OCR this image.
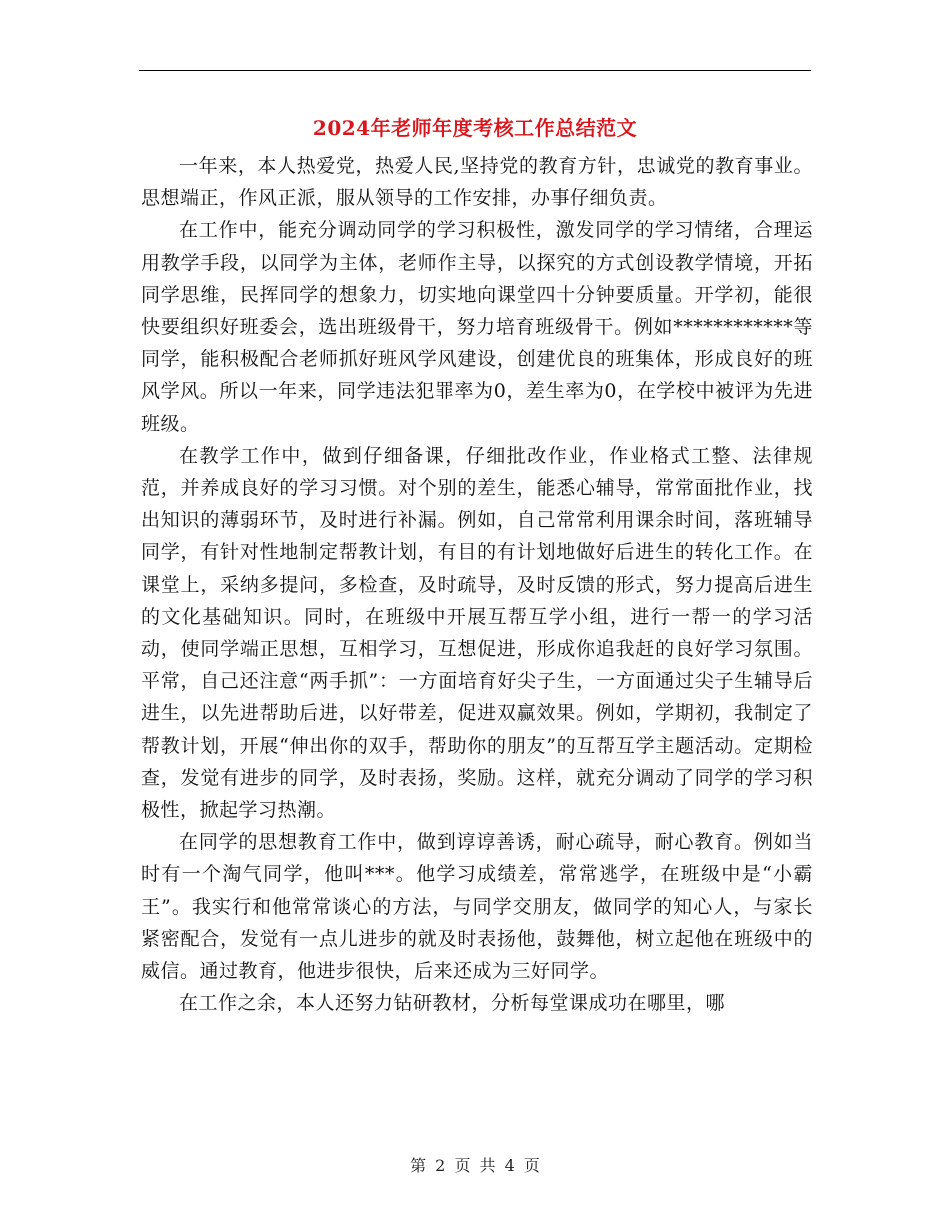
2024年老师年度考核工作总结范文

一年来，本人热爱党，热爱人民,坚持党的教育方针，忠诚党的教育事业。思想端正，作风正派，服从领导的工作安排，办事仔细负责。

在工作中，能充分调动同学的学习积极性，激发同学的学习情绪，合理运用教学手段，以同学为主体，老师作主导，以探究的方式创设教学情境，开拓同学思维，民挥同学的想象力，切实地向课堂四十分钟要质量。开学初，能很快要组织好班委会，选出班级骨干，努力培育班级骨干。例如************等同学，能积极配合老师抓好班风学风建设，创建优良的班集体，形成良好的班风学风。所以一年来，同学违法犯罪率为0，差生率为0，在学校中被评为先进班级。

在教学工作中，做到仔细备课，仔细批改作业，作业格式工整、法律规范，并养成良好的学习习惯。对个别的差生，能悉心辅导，常常面批作业，找出知识的薄弱环节，及时进行补漏。例如，自己常常利用课余时间，落班辅导同学，有针对性地制定帮教计划，有目的有计划地做好后进生的转化工作。在课堂上，采纳多提问，多检查，及时疏导，及时反馈的形式，努力提高后进生的文化基础知识。同时，在班级中开展互帮互学小组，进行一帮一的学习活动，使同学端正思想，互相学习，互想促进，形成你追我赶的良好学习氛围。平常，自己还注意“两手抓”：一方面培育好尖子生，一方面通过尖子生辅导后进生，以先进帮助后进，以好带差，促进双赢效果。例如，学期初，我制定了帮教计划，开展“伸出你的双手，帮助你的朋友”的互帮互学主题活动。定期检查，发觉有进步的同学，及时表扬，奖励。这样，就充分调动了同学的学习积极性，掀起学习热潮。

在同学的思想教育工作中，做到谆谆善诱，耐心疏导，耐心教育。例如当时有一个淘气同学，他叫***。他学习成绩差，常常逃学，在班级中是“小霸王”。我实行和他常常谈心的方法，与同学交朋友，做同学的知心人，与家长紧密配合，发觉有一点儿进步的就及时表扬他，鼓舞他，树立起他在班级中的威信。通过教育，他进步很快，后来还成为三好同学。

在工作之余，本人还努力钻研教材，分析每堂课成功在哪里，哪

第 2 页 共 4 页
